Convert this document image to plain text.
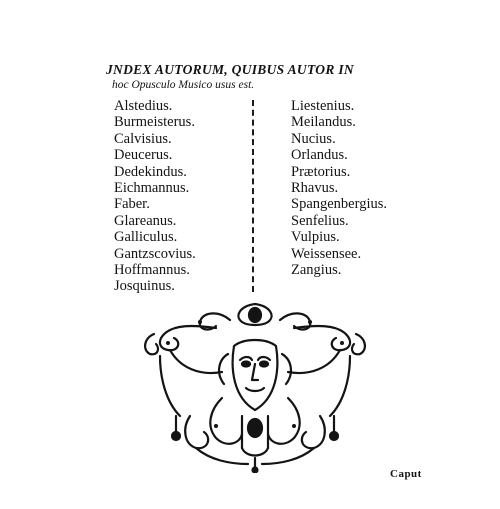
JNDEX AUTORUM, QUIBUS AUTOR IN
hoc Opusculo Musico usus est.
Alstedius.
Burmeisterus.
Calvisius.
Deucerus.
Dedekindus.
Eichmannus.
Faber.
Glareanus.
Galliculus.
Gantzscovius.
Hoffmannus.
Josquinus.
Liestenius.
Meilandus.
Nucius.
Orlandus.
Prætorius.
Rhavus.
Spangenbergius.
Senfelius.
Vulpius.
Weissensee.
Zangius.
Caput
